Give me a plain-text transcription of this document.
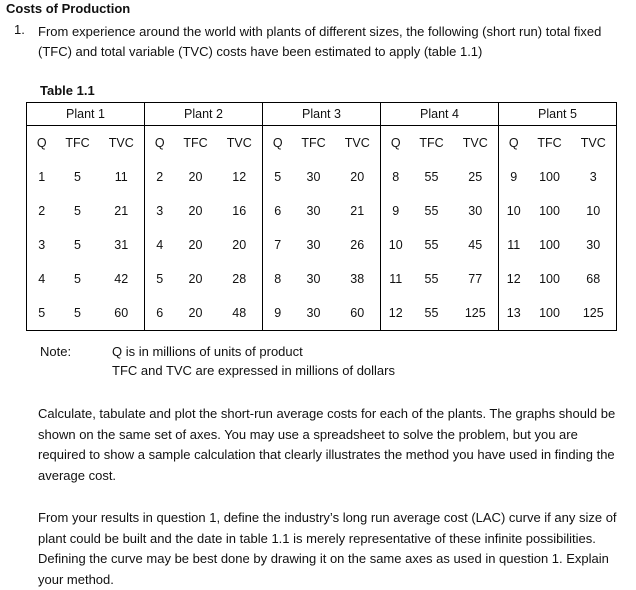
Costs of Production
1. From experience around the world with plants of different sizes, the following (short run) total fixed (TFC) and total variable (TVC) costs have been estimated to apply (table 1.1)
Table 1.1
Plant 1			Plant 2			Plant 3			Plant 4			Plant 5		
Q	TFC	TVC	Q	TFC	TVC	Q	TFC	TVC	Q	TFC	TVC	Q	TFC	TVC
1	5	11	2	20	12	5	30	20	8	55	25	9	100	3
2	5	21	3	20	16	6	30	21	9	55	30	10	100	10
3	5	31	4	20	20	7	30	26	10	55	45	11	100	30
4	5	42	5	20	28	8	30	38	11	55	77	12	100	68
5	5	60	6	20	48	9	30	60	12	55	125	13	100	125
Note:	Q is in millions of units of product
TFC and TVC are expressed in millions of dollars
Calculate, tabulate and plot the short-run average costs for each of the plants. The graphs should be shown on the same set of axes. You may use a spreadsheet to solve the problem, but you are required to show a sample calculation that clearly illustrates the method you have used in finding the average cost.
From your results in question 1, define the industry’s long run average cost (LAC) curve if any size of plant could be built and the date in table 1.1 is merely representative of these infinite possibilities. Defining the curve may be best done by drawing it on the same axes as used in question 1. Explain your method.
